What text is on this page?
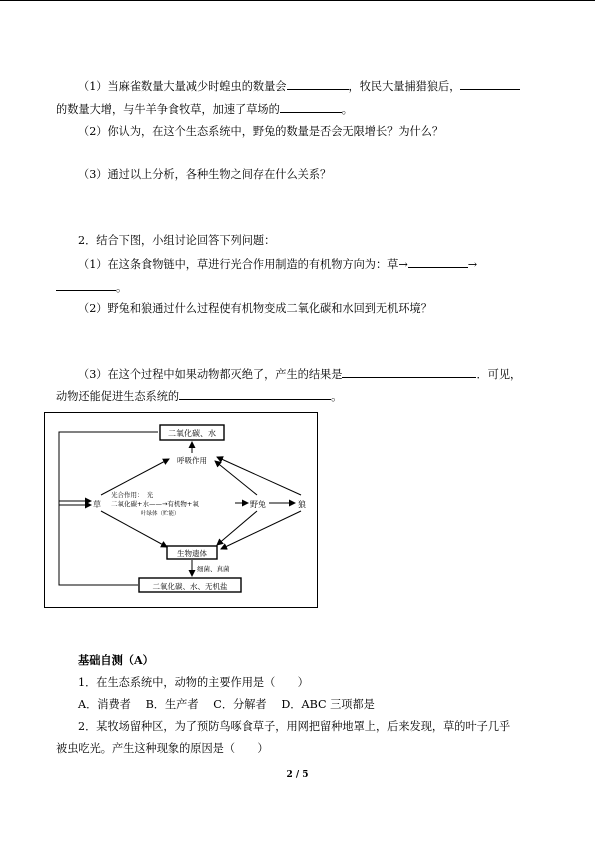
（1）当麻雀数量大量减少时蝗虫的数量会	，牧民大量捕猎狼后，
的数量大增，与牛羊争食牧草，加速了草场的	。
（2）你认为，在这个生态系统中，野兔的数量是否会无限增长？为什么？
（3）通过以上分析，各种生物之间存在什么关系？
2．结合下图，小组讨论回答下列问题：
（1）在这条食物链中，草进行光合作用制造的有机物方向为：草→	→
。
（2）野兔和狼通过什么过程使有机物变成二氧化碳和水回到无机环境？
（3）在这个过程中如果动物都灭绝了，产生的结果是	．可见，
动物还能促进生态系统的	。
二氧化碳、水
呼吸作用
草
光合作用：　光
二氧化碳+水——→有机物+氧
叶绿体（贮能）
野兔	狼
生物遗体
细菌、真菌
二氧化碳、水、无机盐
基础自测（A）
1．在生态系统中，动物的主要作用是（　　）
A．消费者　 B．生产者　 C．分解者　 D．ABC 三项都是
2．某牧场留种区，为了预防鸟啄食草子，用网把留种地罩上，后来发现，草的叶子几乎
被虫吃光。产生这种现象的原因是（　　）
2 / 5
